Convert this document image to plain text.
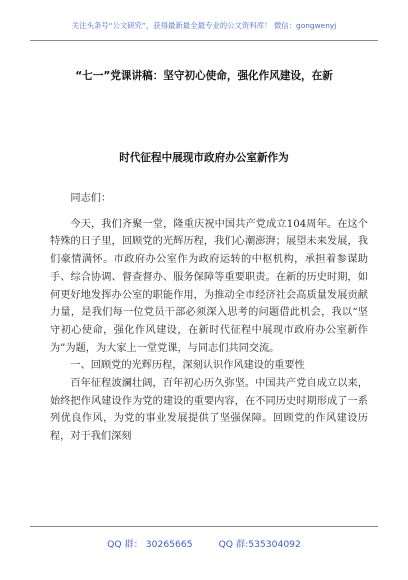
关注头条号“公文研究”，获得最新最全最专业的公文资料库！ 微信：gongwenyj
“七一”党课讲稿：坚守初心使命，强化作风建设，在新
时代征程中展现市政府办公室新作为

同志们：

今天，我们齐聚一堂，隆重庆祝中国共产党成立104周年。在这个特殊的日子里，回顾党的光辉历程，我们心潮澎湃；展望未来发展，我们豪情满怀。市政府办公室作为政府运转的中枢机构，承担着参谋助手、综合协调、督查督办、服务保障等重要职责。在新的历史时期，如何更好地发挥办公室的职能作用，为推动全市经济社会高质量发展贡献力量，是我们每一位党员干部必须深入思考的问题借此机会，我以“坚守初心使命，强化作风建设，在新时代征程中展现市政府办公室新作为”为题，为大家上一堂党课，与同志们共同交流。

一、回顾党的光辉历程，深刻认识作风建设的重要性

百年征程波澜壮阔，百年初心历久弥坚。中国共产党自成立以来，始终把作风建设作为党的建设的重要内容，在不同历史时期形成了一系列优良作风，为党的事业发展提供了坚强保障。回顾党的作风建设历程，对于我们深刻

QQ 群： 30265665	QQ 群:535304092
